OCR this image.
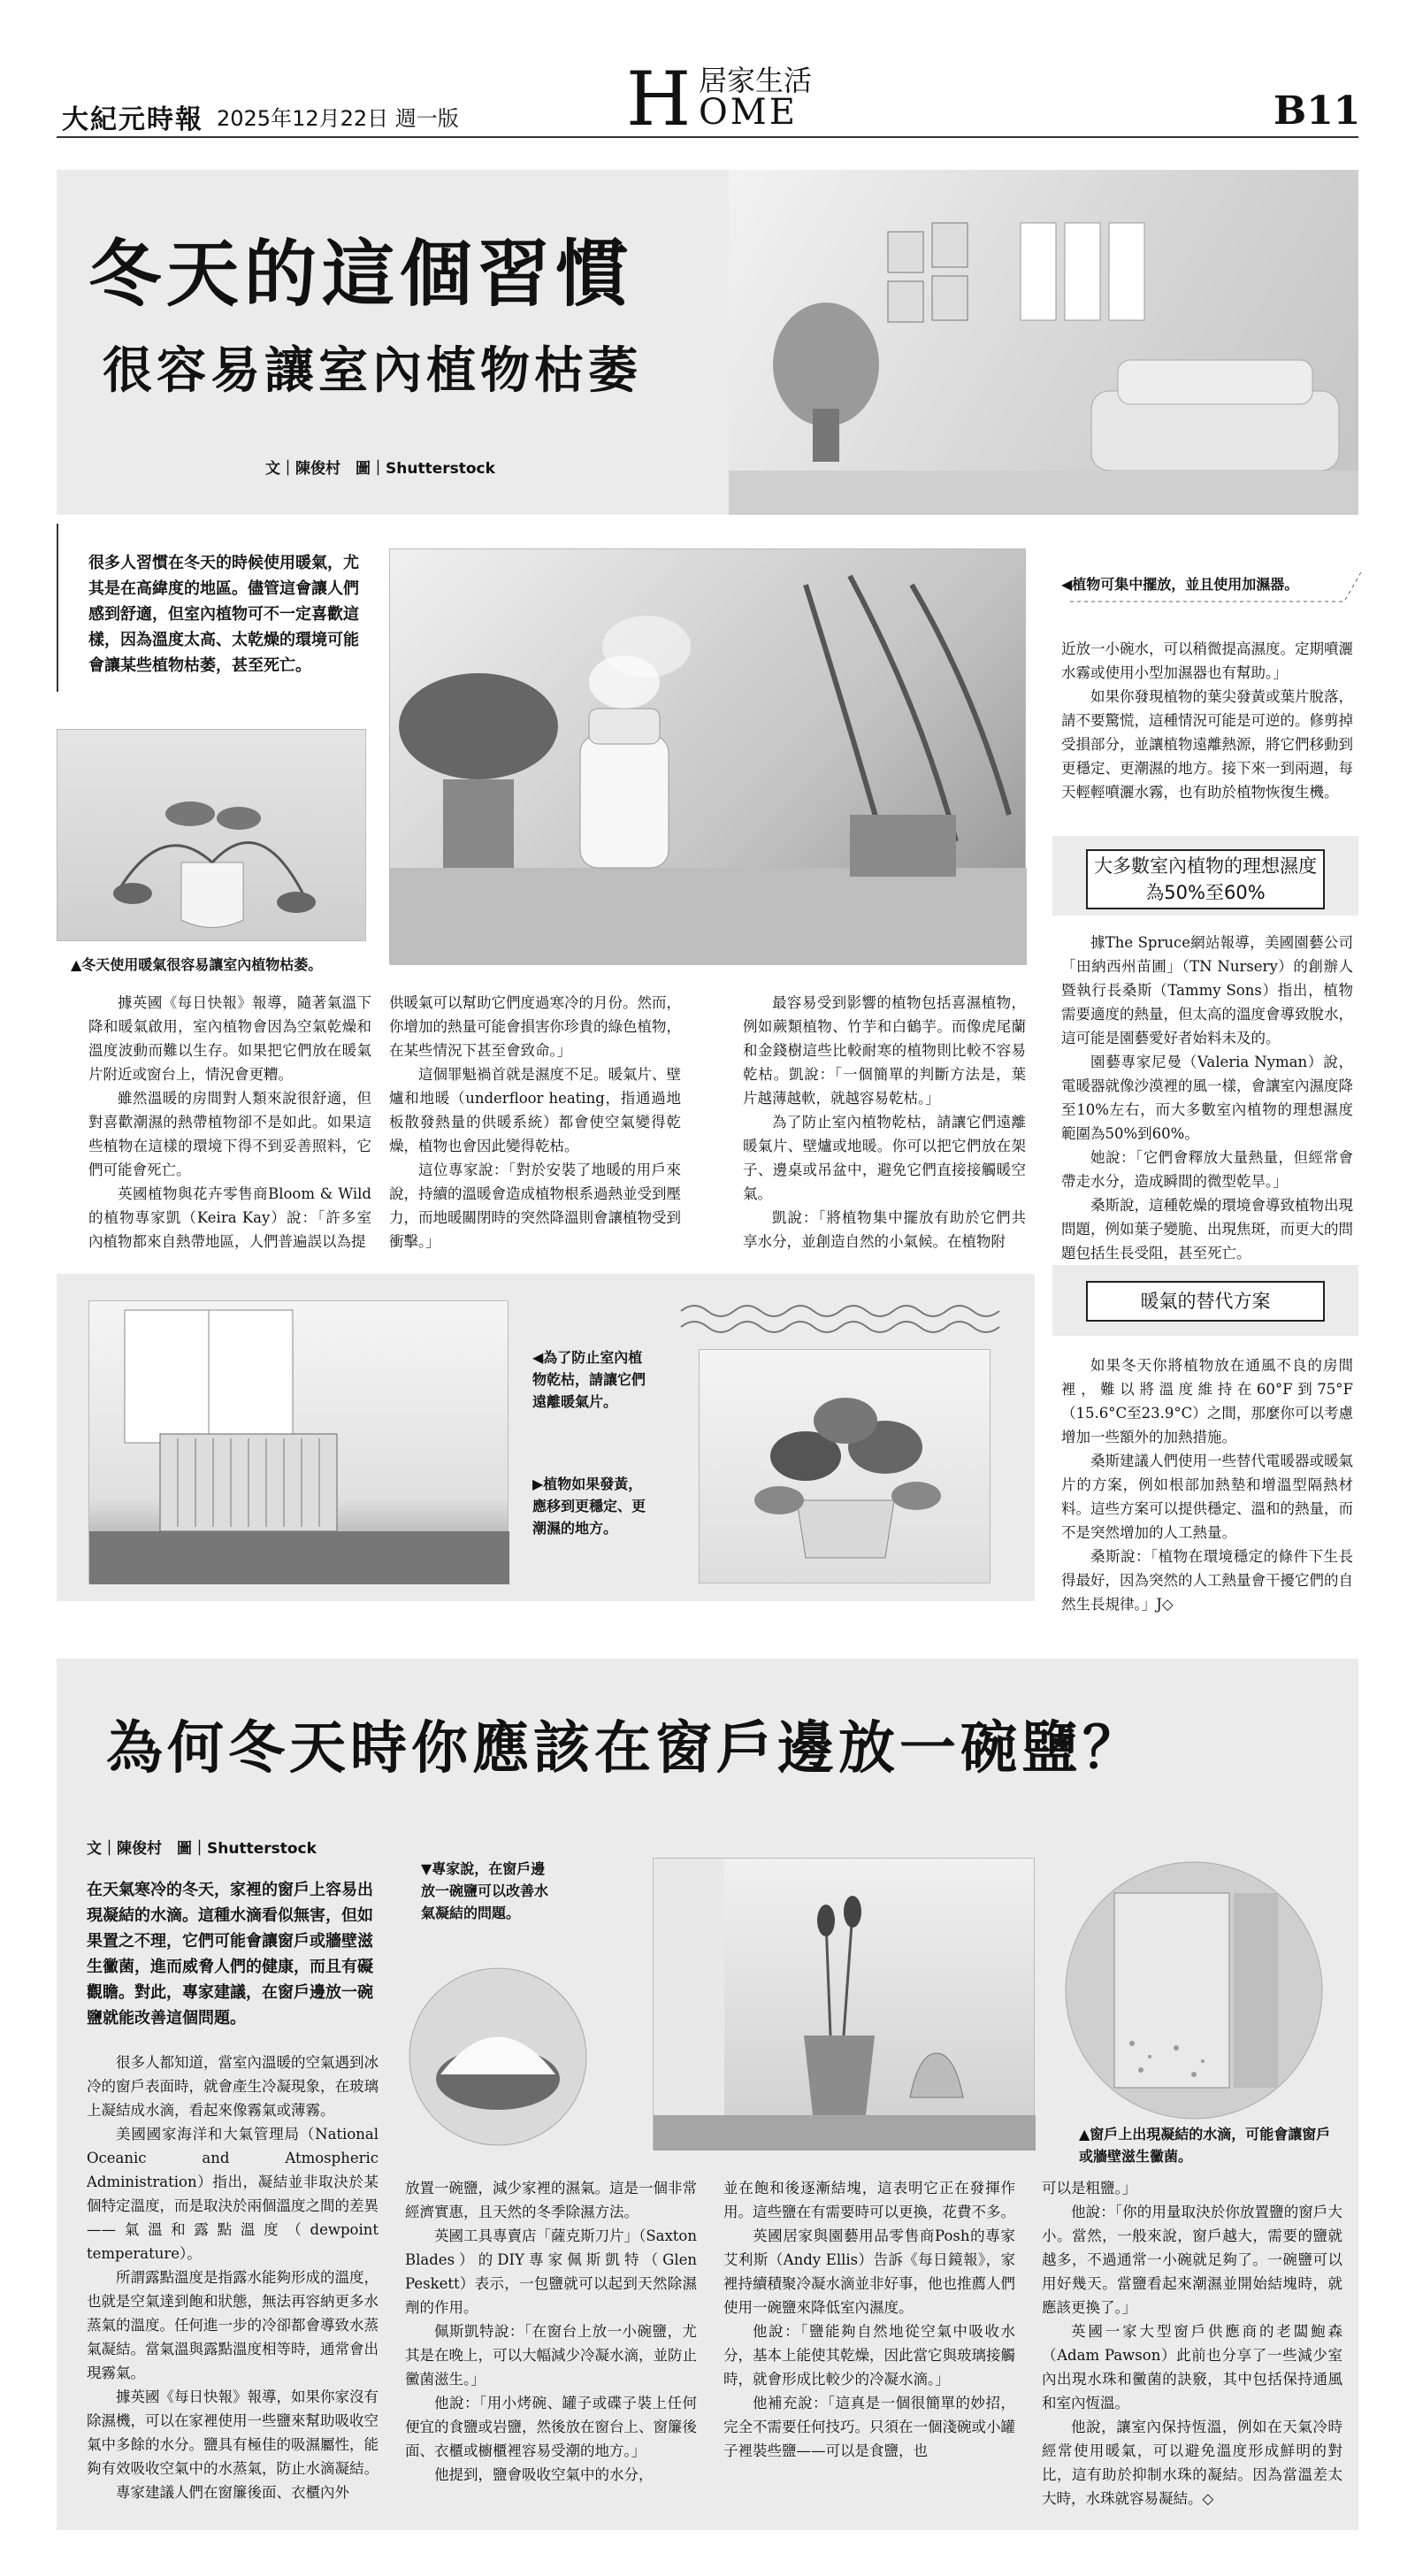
大紀元時報 2025年12月22日 週一版 H 居家生活
OME	B11
冬天的這個習慣
很容易讓室內植物枯萎
文｜陳俊村　圖｜Shutterstock
很多人習慣在冬天的時候使用暖氣，尤其是在高緯度的地區。儘管這會讓人們感到舒適，但室內植物可不一定喜歡這樣，因為溫度太高、太乾燥的環境可能會讓某些植物枯萎，甚至死亡。
▲冬天使用暖氣很容易讓室內植物枯萎。
◀植物可集中擺放，並且使用加濕器。

據英國《每日快報》報導，隨著氣溫下降和暖氣啟用，室內植物會因為空氣乾燥和溫度波動而難以生存。如果把它們放在暖氣片附近或窗台上，情況會更糟。

雖然溫暖的房間對人類來說很舒適，但對喜歡潮濕的熱帶植物卻不是如此。如果這些植物在這樣的環境下得不到妥善照料，它們可能會死亡。

英國植物與花卉零售商Bloom & Wild的植物專家凱（Keira Kay）說：「許多室內植物都來自熱帶地區，人們普遍誤以為提

供暖氣可以幫助它們度過寒冷的月份。然而，你增加的熱量可能會損害你珍貴的綠色植物，在某些情況下甚至會致命。」

這個罪魁禍首就是濕度不足。暖氣片、壁爐和地暖（underfloor heating，指通過地板散發熱量的供暖系統）都會使空氣變得乾燥，植物也會因此變得乾枯。

這位專家說：「對於安裝了地暖的用戶來說，持續的溫暖會造成植物根系過熱並受到壓力，而地暖關閉時的突然降溫則會讓植物受到衝擊。」

最容易受到影響的植物包括喜濕植物，例如蕨類植物、竹芋和白鶴芋。而像虎尾蘭和金錢樹這些比較耐寒的植物則比較不容易乾枯。凱說：「一個簡單的判斷方法是，葉片越薄越軟，就越容易乾枯。」

為了防止室內植物乾枯，請讓它們遠離暖氣片、壁爐或地暖。你可以把它們放在架子、邊桌或吊盆中，避免它們直接接觸暖空氣。

凱說：「將植物集中擺放有助於它們共享水分，並創造自然的小氣候。在植物附

近放一小碗水，可以稍微提高濕度。定期噴灑水霧或使用小型加濕器也有幫助。」

如果你發現植物的葉尖發黃或葉片脫落，請不要驚慌，這種情況可能是可逆的。修剪掉受損部分，並讓植物遠離熱源，將它們移動到更穩定、更潮濕的地方。接下來一到兩週，每天輕輕噴灑水霧，也有助於植物恢復生機。

大多數室內植物的理想濕度為50%至60%

據The Spruce網站報導，美國園藝公司「田納西州苗圃」（TN Nursery）的創辦人暨執行長桑斯（Tammy Sons）指出，植物需要適度的熱量，但太高的溫度會導致脫水，這可能是園藝愛好者始料未及的。

園藝專家尼曼（Valeria Nyman）說，電暖器就像沙漠裡的風一樣，會讓室內濕度降至10%左右，而大多數室內植物的理想濕度範圍為50%到60%。

她說：「它們會釋放大量熱量，但經常會帶走水分，造成瞬間的微型乾旱。」

桑斯說，這種乾燥的環境會導致植物出現問題，例如葉子變脆、出現焦斑，而更大的問題包括生長受阻，甚至死亡。

暖氣的替代方案

如果冬天你將植物放在通風不良的房間裡，難以將溫度維持在60°F到75°F（15.6°C至23.9°C）之間，那麼你可以考慮增加一些額外的加熱措施。

桑斯建議人們使用一些替代電暖器或暖氣片的方案，例如根部加熱墊和增溫型隔熱材料。這些方案可以提供穩定、溫和的熱量，而不是突然增加的人工熱量。

桑斯說：「植物在環境穩定的條件下生長得最好，因為突然的人工熱量會干擾它們的自然生長規律。」J◇

◀為了防止室內植物乾枯，請讓它們遠離暖氣片。
▶植物如果發黃，應移到更穩定、更潮濕的地方。
為何冬天時你應該在窗戶邊放一碗鹽？
文｜陳俊村　圖｜Shutterstock
在天氣寒冷的冬天，家裡的窗戶上容易出現凝結的水滴。這種水滴看似無害，但如果置之不理，它們可能會讓窗戶或牆壁滋生黴菌，進而威脅人們的健康，而且有礙觀瞻。對此，專家建議，在窗戶邊放一碗鹽就能改善這個問題。
▼專家說，在窗戶邊放一碗鹽可以改善水氣凝結的問題。
▲窗戶上出現凝結的水滴，可能會讓窗戶或牆壁滋生黴菌。

很多人都知道，當室內溫暖的空氣遇到冰冷的窗戶表面時，就會產生冷凝現象，在玻璃上凝結成水滴，看起來像霧氣或薄霧。

美國國家海洋和大氣管理局（National Oceanic and Atmospheric Administration）指出，凝結並非取決於某個特定溫度，而是取決於兩個溫度之間的差異——氣溫和露點溫度（dewpoint temperature）。

所謂露點溫度是指露水能夠形成的溫度，也就是空氣達到飽和狀態，無法再容納更多水蒸氣的溫度。任何進一步的冷卻都會導致水蒸氣凝結。當氣溫與露點溫度相等時，通常會出現霧氣。

據英國《每日快報》報導，如果你家沒有除濕機，可以在家裡使用一些鹽來幫助吸收空氣中多餘的水分。鹽具有極佳的吸濕屬性，能夠有效吸收空氣中的水蒸氣，防止水滴凝結。

專家建議人們在窗簾後面、衣櫃內外

放置一碗鹽，減少家裡的濕氣。這是一個非常經濟實惠，且天然的冬季除濕方法。

英國工具專賣店「薩克斯刀片」（Saxton Blades）的DIY專家佩斯凱特（Glen Peskett）表示，一包鹽就可以起到天然除濕劑的作用。

佩斯凱特說：「在窗台上放一小碗鹽，尤其是在晚上，可以大幅減少冷凝水滴，並防止黴菌滋生。」

他說：「用小烤碗、罐子或碟子裝上任何便宜的食鹽或岩鹽，然後放在窗台上、窗簾後面、衣櫃或櫥櫃裡容易受潮的地方。」

他提到，鹽會吸收空氣中的水分，

並在飽和後逐漸結塊，這表明它正在發揮作用。這些鹽在有需要時可以更換，花費不多。

英國居家與園藝用品零售商Posh的專家艾利斯（Andy Ellis）告訴《每日鏡報》，家裡持續積聚冷凝水滴並非好事，他也推薦人們使用一碗鹽來降低室內濕度。

他說：「鹽能夠自然地從空氣中吸收水分，基本上能使其乾燥，因此當它與玻璃接觸時，就會形成比較少的冷凝水滴。」

他補充說：「這真是一個很簡單的妙招，完全不需要任何技巧。只須在一個淺碗或小罐子裡裝些鹽——可以是食鹽，也

可以是粗鹽。」

他說：「你的用量取決於你放置鹽的窗戶大小。當然，一般來說，窗戶越大，需要的鹽就越多，不過通常一小碗就足夠了。一碗鹽可以用好幾天。當鹽看起來潮濕並開始結塊時，就應該更換了。」

英國一家大型窗戶供應商的老闆鮑森（Adam Pawson）此前也分享了一些減少室內出現水珠和黴菌的訣竅，其中包括保持通風和室內恆溫。

他說，讓室內保持恆溫，例如在天氣冷時經常使用暖氣，可以避免溫度形成鮮明的對比，這有助於抑制水珠的凝結。因為當溫差太大時，水珠就容易凝結。◇
